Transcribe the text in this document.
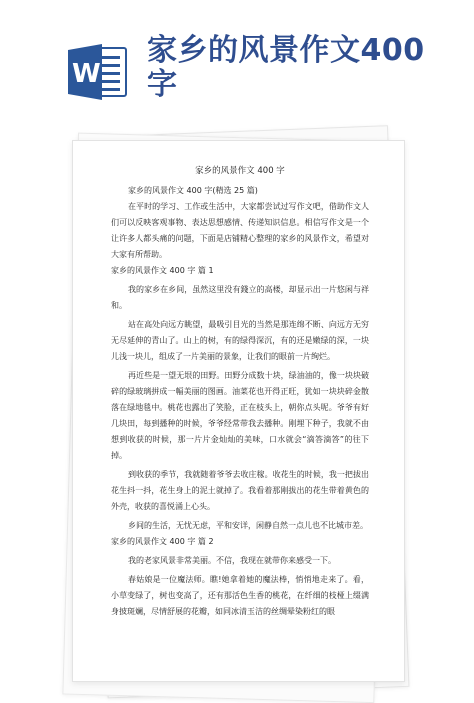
W
家乡的风景作文400字
家乡的风景作文 400 字

家乡的风景作文 400 字(精选 25 篇)

在平时的学习、工作或生活中，大家都尝试过写作文吧，借助作文人们可以反映客观事物、表达思想感情、传递知识信息。相信写作文是一个让许多人都头痛的问题，下面是店铺精心整理的家乡的风景作文，希望对大家有所帮助。

家乡的风景作文 400 字 篇 1

我的家乡在乡间，虽然这里没有錢立的高楼，却显示出一片悠闲与祥和。

站在高处向远方眺望，最吸引目光的当然是那连绵不断、向远方无穷无尽延伸的青山了。山上的树，有的绿得深沉，有的还是嫩绿的深，一块儿浅一块儿，组成了一片美丽的景象，让我们的眼前一片绚烂。

再近些是一望无垠的田野。田野分成数十块，绿油油的，像一块块破碎的绿玻璃拼成一幅美丽的图画。油菜花也开得正旺，犹如一块块碎金散落在绿地毯中。桃花也露出了笑脸，正在枝头上，朝你点头呢。爷爷有好几块田，每到播种的时候，爷爷经常带我去播种。刚埋下种子，我就不由想到收获的时候，那一片片金灿灿的美味，口水就会“滴答滴答”的往下掉。

到收获的季节，我就随着爷爷去收庄稼。收花生的时候，我一把拔出花生抖一抖，花生身上的泥土就掉了。我看着那刚拔出的花生带着黄色的外壳，收获的喜悦涌上心头。

乡间的生活，无忧无虑，平和安详，闲静自然一点儿也不比城市差。

家乡的风景作文 400 字 篇 2

我的老家风景非常美丽。不信，我现在就带你来感受一下。

春姑娘是一位魔法师。瞧!她拿着她的魔法棒，悄悄地走来了。看，小草变绿了，树也变高了，还有那活色生香的桃花，在纤细的枝桠上缀满身披斑斓，尽情舒展的花瓣，如同冰清玉洁的丝绸晕染粉红的眼
